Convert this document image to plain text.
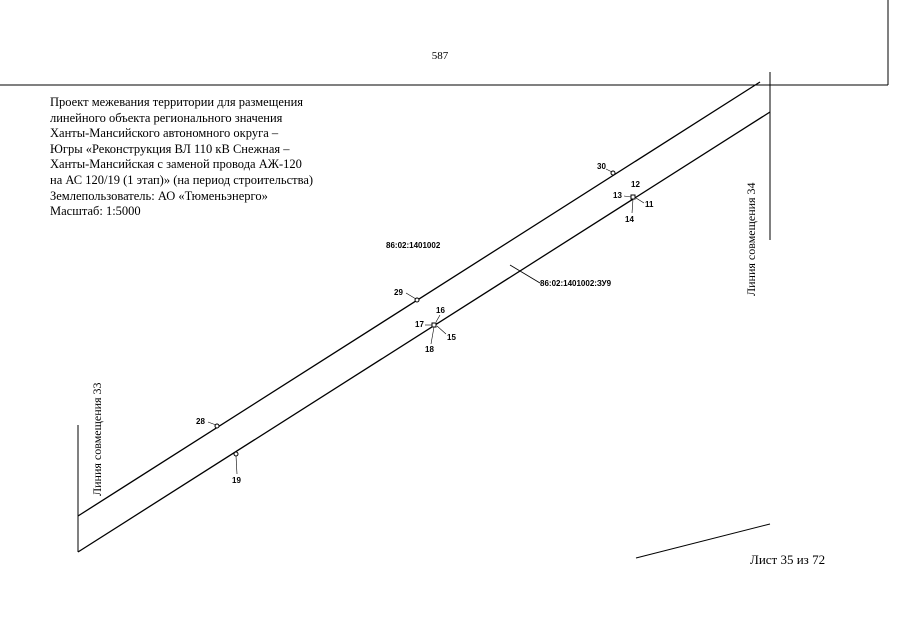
587
Проект межевания территории для размещения
линейного объекта регионального значения
Ханты-Мансийского автономного округа –
Югры «Реконструкция ВЛ 110 кВ Снежная –
Ханты-Мансийская с заменой провода АЖ-120
на АС 120/19 (1 этап)» (на период строительства)
Землепользователь: АО «Тюменьэнерго»
Масштаб: 1:5000
30
12
13
11
14
29
16
17
15
18
28
19
86:02:1401002
86:02:1401002:ЗУ9
Линия совмещения 33
Линия совмещения 34
Лист 35 из 72
